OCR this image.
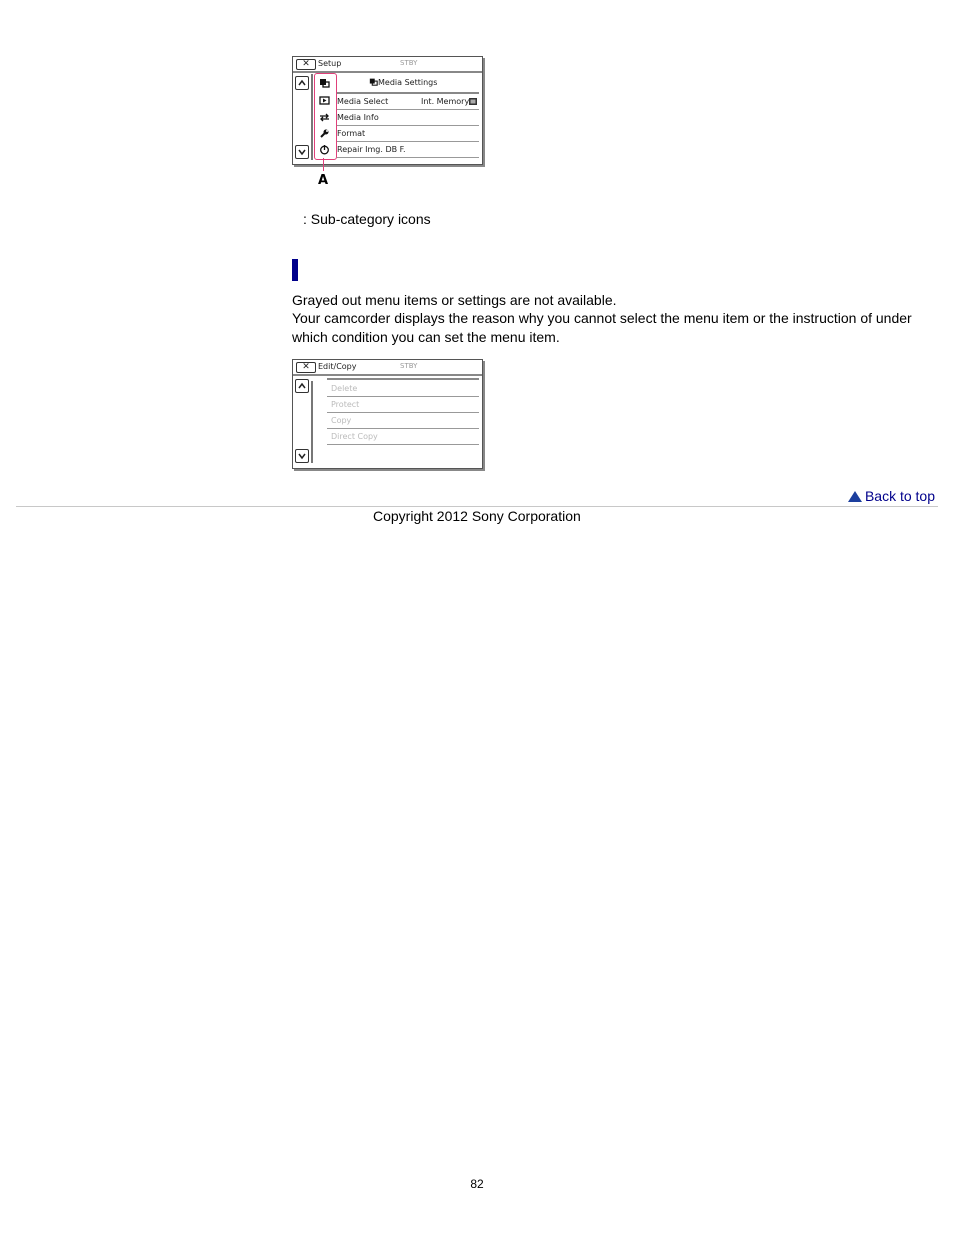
✕	Setup	STBY
Media Settings
Media Select	Int. Memory
Media Info
Format
Repair Img. DB F.
A
: Sub-category icons
Grayed out menu items or settings are not available.
Your camcorder displays the reason why you cannot select the menu item or the instruction of under which condition you can set the menu item.
✕	Edit/Copy	STBY
Delete
Protect
Copy
Direct Copy
Back to top
Copyright 2012 Sony Corporation
82
